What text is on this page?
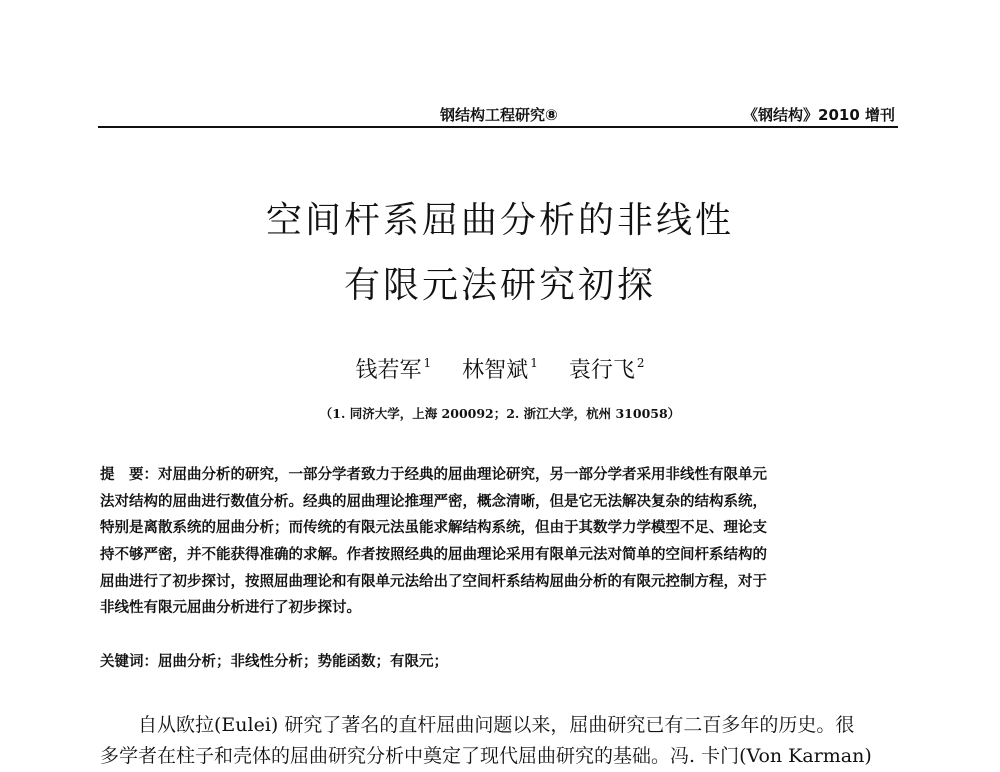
钢结构工程研究⑧	《钢结构》2010 增刊
空间杆系屈曲分析的非线性
有限元法研究初探
钱若军 $^1$ 林智斌 $^1$ 袁行飞 $^2$
（1. 同济大学，上海 200092；2. 浙江大学，杭州 310058）
提　要：对屈曲分析的研究，一部分学者致力于经典的屈曲理论研究，另一部分学者采用非线性有限单元
法对结构的屈曲进行数值分析。经典的屈曲理论推理严密，概念清晰，但是它无法解决复杂的结构系统，
特别是离散系统的屈曲分析；而传统的有限元法虽能求解结构系统，但由于其数学力学模型不足、理论支
持不够严密，并不能获得准确的求解。作者按照经典的屈曲理论采用有限单元法对简单的空间杆系结构的
屈曲进行了初步探讨，按照屈曲理论和有限单元法给出了空间杆系结构屈曲分析的有限元控制方程，对于
非线性有限元屈曲分析进行了初步探讨。
关键词：屈曲分析；非线性分析；势能函数；有限元；
自从欧拉(Eulei) 研究了著名的直杆屈曲问题以来，屈曲研究已有二百多年的历史。很
多学者在柱子和壳体的屈曲研究分析中奠定了现代屈曲研究的基础。冯. 卡门(Von Karman)
